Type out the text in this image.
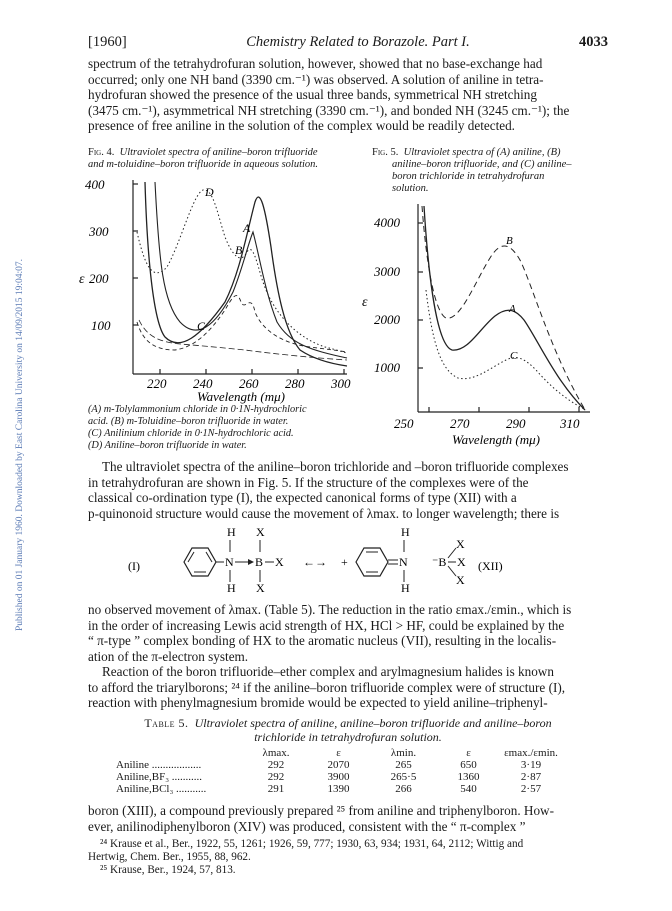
Published on 01 January 1960. Downloaded by East Carolina University on 14/09/2015 19:04:07.
[1960]	Chemistry Related to Borazole. Part I.	4033

spectrum of the tetrahydrofuran solution, however, showed that no base-exchange had

occurred; only one NH band (3390 cm.⁻¹) was observed. A solution of aniline in tetra-

hydrofuran showed the presence of the usual three bands, symmetrical NH stretching

(3475 cm.⁻¹), asymmetrical NH stretching (3390 cm.⁻¹), and bonded NH (3245 cm.⁻¹); the

presence of free aniline in the solution of the complex would be readily detected.

Fig. 4. Ultraviolet spectra of aniline–boron trifluoride
and m-toluidine–boron trifluoride in aqueous solution.
400
300
200
100
ε
220 240 260 280 300
Wavelength (mμ)
A
B
C
D
(A) m-Tolylammonium chloride in 0·1N-hydrochloric
acid. (B) m-Toluidine–boron trifluoride in water.
(C) Anilinium chloride in 0·1N-hydrochloric acid.
(D) Aniline–boron trifluoride in water.
Fig. 5. Ultraviolet spectra of (A) aniline, (B)
aniline–boron trifluoride, and (C) aniline–
boron trichloride in tetrahydrofuran
solution.
4000
3000
2000
1000
ε
250	270	290	310
Wavelength (mμ)
A
B
C

The ultraviolet spectra of the aniline–boron trichloride and –boron trifluoride complexes

in tetrahydrofuran are shown in Fig. 5. If the structure of the complexes were of the

classical co-ordination type (I), the expected canonical forms of type (XII) with a

p-quinonoid structure would cause the movement of λmax. to longer wavelength; there is

(I)	N
H
H
B
X
X
X ←→ +	N
H
H
⁻B
X
X
X
(XII)

no observed movement of λmax. (Table 5). The reduction in the ratio εmax./εmin., which is

in the order of increasing Lewis acid strength of HX, HCl > HF, could be explained by the

“ π-type ” complex bonding of HX to the aromatic nucleus (VII), resulting in the localis-

ation of the π-electron system.

Reaction of the boron trifluoride–ether complex and arylmagnesium halides is known

to afford the triarylborons; ²⁴ if the aniline–boron trifluoride complex were of structure (I),

reaction with phenylmagnesium bromide would be expected to yield aniline–triphenyl-

Table 5. Ultraviolet spectra of aniline, aniline–boron trifluoride and aniline–boron
trichloride in tetrahydrofuran solution.
	λmax.	ε	λmin.	ε	εmax./εmin.
Aniline ..................	292	2070	265	650	3·19
Aniline,BF₃ ...........	292	3900	265·5	1360	2·87
Aniline,BCl₃ ...........	291	1390	266	540	2·57

boron (XIII), a compound previously prepared ²⁵ from aniline and triphenylboron. How-

ever, anilinodiphenylboron (XIV) was produced, consistent with the “ π-complex ”

²⁴ Krause et al., Ber., 1922, 55, 1261; 1926, 59, 777; 1930, 63, 934; 1931, 64, 2112; Wittig and
Hertwig, Chem. Ber., 1955, 88, 962.
²⁵ Krause, Ber., 1924, 57, 813.
